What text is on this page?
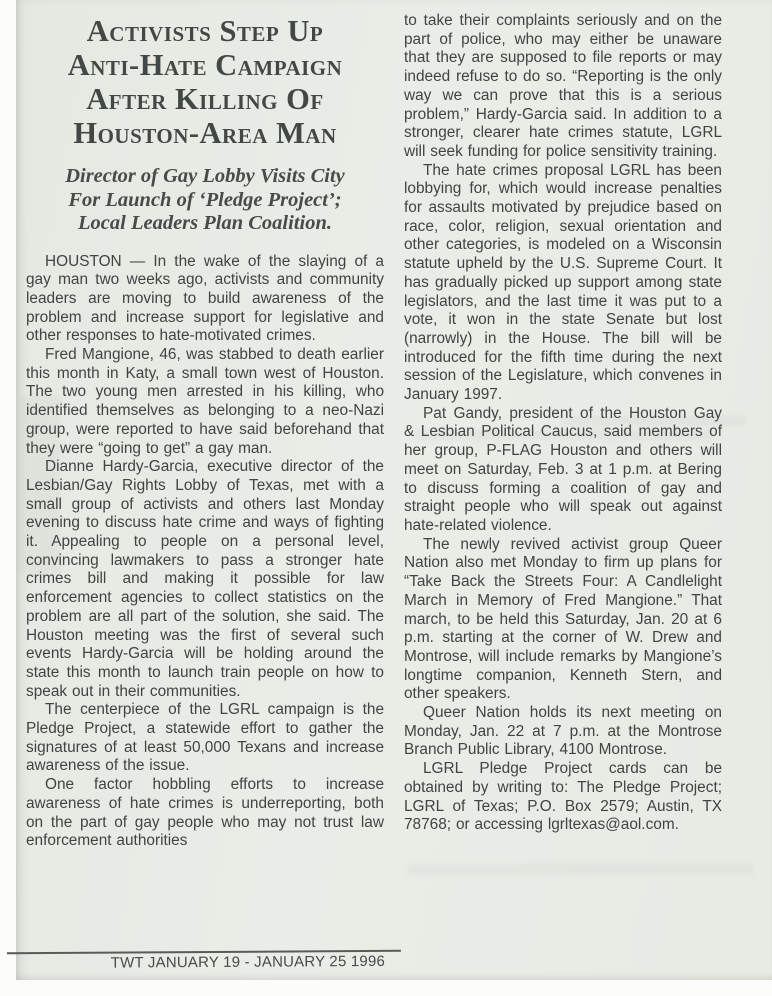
Activists Step Up
Anti-Hate Campaign
After Killing Of
Houston-Area Man
Director of Gay Lobby Visits City
For Launch of ‘Pledge Project’;
Local Leaders Plan Coalition.

HOUSTON — In the wake of the slaying of a gay man two weeks ago, activists and community leaders are moving to build awareness of the problem and increase support for legislative and other responses to hate-motivated crimes.

Fred Mangione, 46, was stabbed to death earlier this month in Katy, a small town west of Houston. The two young men arrested in his killing, who identified themselves as belonging to a neo-Nazi group, were reported to have said beforehand that they were “going to get” a gay man.

Dianne Hardy-Garcia, executive director of the Lesbian/Gay Rights Lobby of Texas, met with a small group of activists and others last Monday evening to discuss hate crime and ways of fighting it. Appealing to people on a personal level, convincing lawmakers to pass a stronger hate crimes bill and making it possible for law enforcement agencies to collect statistics on the problem are all part of the solution, she said. The Houston meeting was the first of several such events Hardy-Garcia will be holding around the state this month to launch train people on how to speak out in their communities.

The centerpiece of the LGRL campaign is the Pledge Project, a statewide effort to gather the signatures of at least 50,000 Texans and increase awareness of the issue.

One factor hobbling efforts to increase awareness of hate crimes is underreporting, both on the part of gay people who may not trust law enforcement authorities

to take their complaints seriously and on the part of police, who may either be unaware that they are supposed to file reports or may indeed refuse to do so. “Reporting is the only way we can prove that this is a serious problem,” Hardy-Garcia said. In addition to a stronger, clearer hate crimes statute, LGRL will seek funding for police sensitivity training.

The hate crimes proposal LGRL has been lobbying for, which would increase penalties for assaults motivated by prejudice based on race, color, religion, sexual orientation and other categories, is modeled on a Wisconsin statute upheld by the U.S. Supreme Court. It has gradually picked up support among state legislators, and the last time it was put to a vote, it won in the state Senate but lost (narrowly) in the House. The bill will be introduced for the fifth time during the next session of the Legislature, which convenes in January 1997.

Pat Gandy, president of the Houston Gay & Lesbian Political Caucus, said members of her group, P-FLAG Houston and others will meet on Saturday, Feb. 3 at 1 p.m. at Bering to discuss forming a coalition of gay and straight people who will speak out against hate-related violence.

The newly revived activist group Queer Nation also met Monday to firm up plans for “Take Back the Streets Four: A Candlelight March in Memory of Fred Mangione.” That march, to be held this Saturday, Jan. 20 at 6 p.m. starting at the corner of W. Drew and Montrose, will include remarks by Mangione’s longtime companion, Kenneth Stern, and other speakers.

Queer Nation holds its next meeting on Monday, Jan. 22 at 7 p.m. at the Montrose Branch Public Library, 4100 Montrose.

LGRL Pledge Project cards can be obtained by writing to: The Pledge Project; LGRL of Texas; P.O. Box 2579; Austin, TX 78768; or accessing lgrltexas@aol.com.

TWT JANUARY 19 - JANUARY 25 1996
